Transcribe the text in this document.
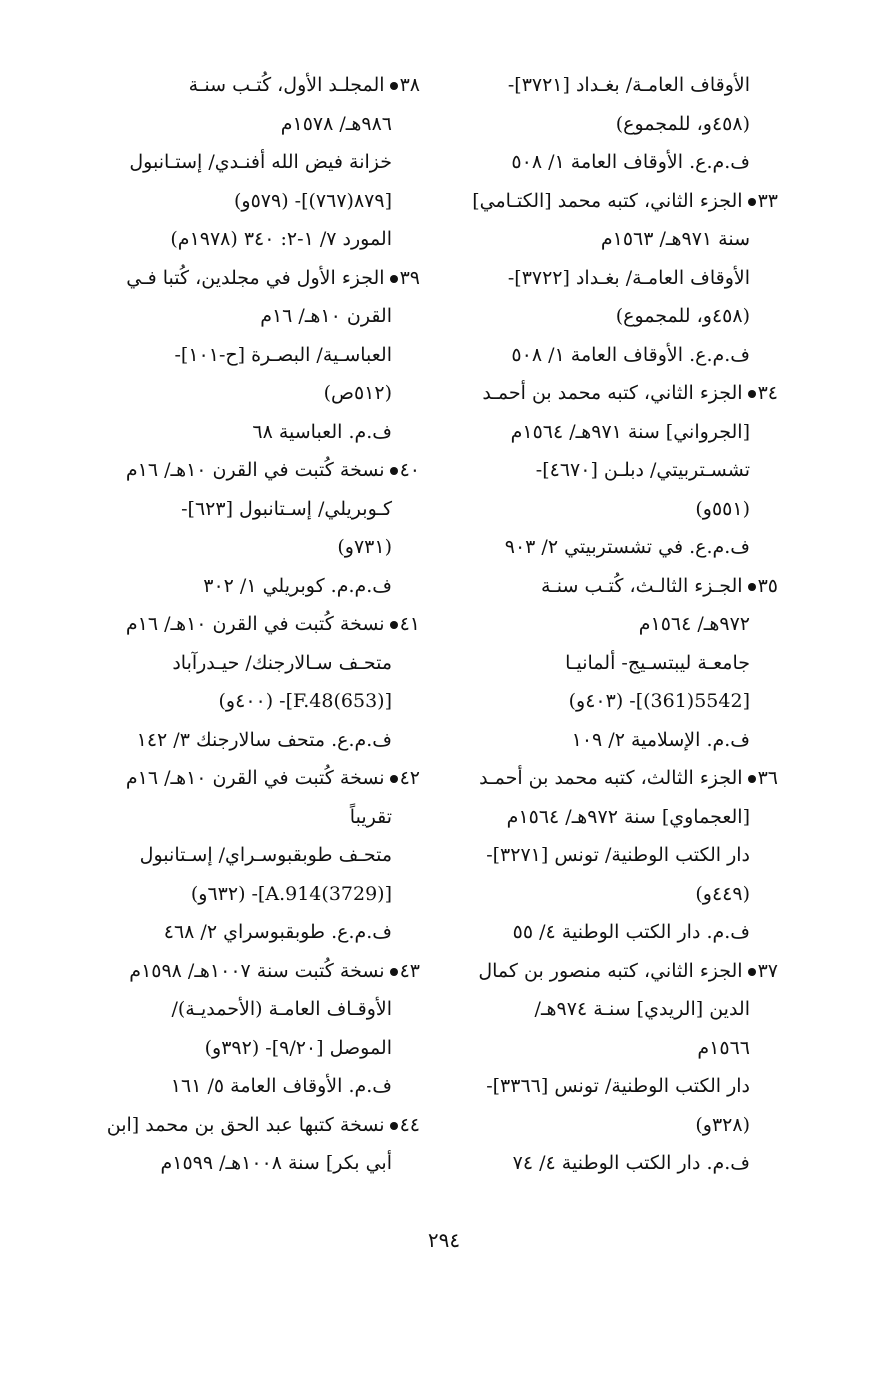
الأوقاف العامـة/ بغـداد [٣٧٢١]-
(٤٥٨و، للمجموع)
ف.م.ع. الأوقاف العامة ١/ ٥٠٨
٣٣الجزء الثاني، كتبه محمد [الكتـامي]
سنة ٩٧١هـ/ ١٥٦٣م
الأوقاف العامـة/ بغـداد [٣٧٢٢]-
(٤٥٨و، للمجموع)
ف.م.ع. الأوقاف العامة ١/ ٥٠٨
٣٤الجزء الثاني، كتبه محمد بن أحمـد
[الجرواني] سنة ٩٧١هـ/ ١٥٦٤م
تشسـتربيتي/ دبلـن [٤٦٧٠]-
(٥٥١و)
ف.م.ع. في تشستربيتي ٢/ ٩٠٣
٣٥الجـزء الثالـث، كُتـب سنـة
٩٧٢هـ/ ١٥٦٤م
جامعـة ليبتسـيج- ألمانيـا
[5542(361)]- (٤٠٣و)
ف.م. الإسلامية ٢/ ١٠٩
٣٦الجزء الثالث، كتبه محمد بن أحمـد
[العجماوي] سنة ٩٧٢هـ/ ١٥٦٤م
دار الكتب الوطنية/ تونس [٣٢٧١]-
(٤٤٩و)
ف.م. دار الكتب الوطنية ٤/ ٥٥
٣٧الجزء الثاني، كتبه منصور بن كمال
الدين [الريدي] سنـة ٩٧٤هـ/
١٥٦٦م
دار الكتب الوطنية/ تونس [٣٣٦٦]-
(٣٢٨و)
ف.م. دار الكتب الوطنية ٤/ ٧٤
٣٨المجلـد الأول، كُتـب سنـة
٩٨٦هـ/ ١٥٧٨م
خزانة فيض الله أفنـدي/ إستـانبول
[٨٧٩(٧٦٧)]- (٥٧٩و)
المورد ٧/ ١-٢: ٣٤٠ (١٩٧٨م)
٣٩الجزء الأول في مجلدين، كُتبا فـي
القرن ١٠هـ/ ١٦م
العباسـية/ البصـرة [ح-١٠١]-
(٥١٢ص)
ف.م. العباسية ٦٨
٤٠نسخة كُتبت في القرن ١٠هـ/ ١٦م
كـوبريلي/ إسـتانبول [٦٢٣]-
(٧٣١و)
ف.م.م. كوبريلي ١/ ٣٠٢
٤١نسخة كُتبت في القرن ١٠هـ/ ١٦م
متحـف سـالارجنك/ حيـدرآباد
[(653)F.48]- (٤٠٠و)
ف.م.ع. متحف سالارجنك ٣/ ١٤٢
٤٢نسخة كُتبت في القرن ١٠هـ/ ١٦م
تقريباً
متحـف طوبقبوسـراي/ إسـتانبول
[(3729)A.914]- (٦٣٢و)
ف.م.ع. طوبقبوسراي ٢/ ٤٦٨
٤٣نسخة كُتبت سنة ١٠٠٧هـ/ ١٥٩٨م
الأوقـاف العامـة (الأحمديـة)/
الموصل [٩/٢٠]- (٣٩٢و)
ف.م. الأوقاف العامة ٥/ ١٦١
٤٤نسخة كتبها عبد الحق بن محمد [ابن
أبي بكر] سنة ١٠٠٨هـ/ ١٥٩٩م
٢٩٤
